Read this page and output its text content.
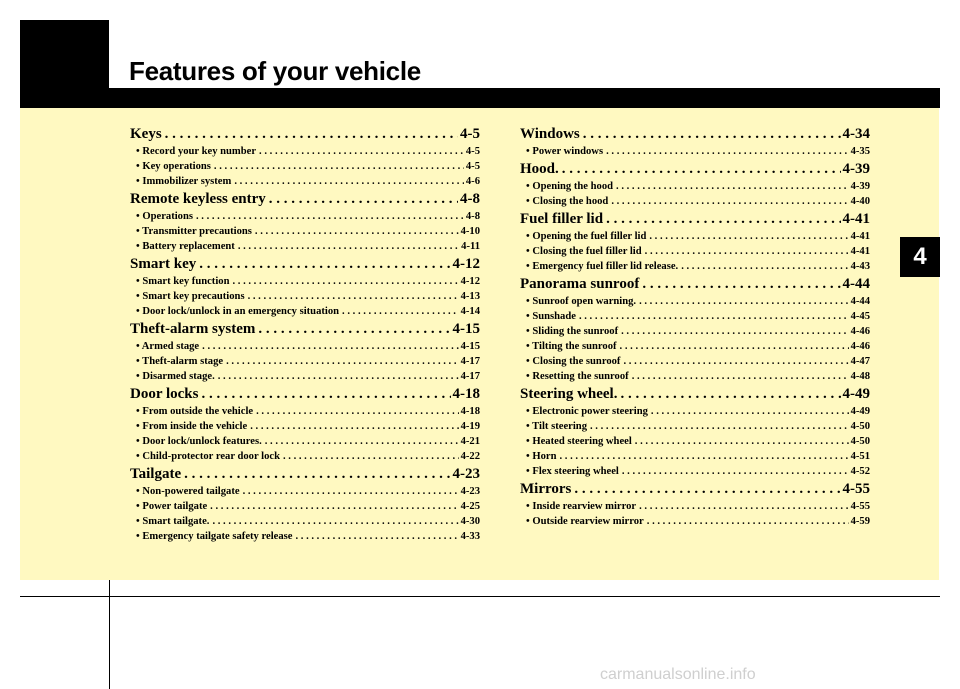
Features of your vehicle
4
Keys . . .	4-5
• Record your key number . . .	4-5
• Key operations . . .	4-5
• Immobilizer system . . .	4-6
Remote keyless entry . . .	4-8
• Operations . . .	4-8
• Transmitter precautions . . .	4-10
• Battery replacement . . .	4-11
Smart key . . .	4-12
• Smart key function . . .	4-12
• Smart key precautions . . .	4-13
• Door lock/unlock in an emergency situation . . .	4-14
Theft-alarm system . . .	4-15
• Armed stage . . .	4-15
• Theft-alarm stage . . .	4-17
• Disarmed stage. . . .	4-17
Door locks . . .	4-18
• From outside the vehicle . . .	4-18
• From inside the vehicle . . .	4-19
• Door lock/unlock features. . . .	4-21
• Child-protector rear door lock . . .	4-22
Tailgate . . .	4-23
• Non-powered tailgate . . .	4-23
• Power tailgate . . .	4-25
• Smart tailgate. . . .	4-30
• Emergency tailgate safety release . . .	4-33
Windows . . .	4-34
• Power windows . . .	4-35
Hood. . . .	4-39
• Opening the hood . . .	4-39
• Closing the hood . . .	4-40
Fuel filler lid . . .	4-41
• Opening the fuel filler lid . . .	4-41
• Closing the fuel filler lid . . .	4-41
• Emergency fuel filler lid release. . . .	4-43
Panorama sunroof . . .	4-44
• Sunroof open warning. . . .	4-44
• Sunshade . . .	4-45
• Sliding the sunroof . . .	4-46
• Tilting the sunroof . . .	4-46
• Closing the sunroof . . .	4-47
• Resetting the sunroof . . .	4-48
Steering wheel. . . .	4-49
• Electronic power steering . . .	4-49
• Tilt steering . . .	4-50
• Heated steering wheel . . .	4-50
• Horn . . .	4-51
• Flex steering wheel . . .	4-52
Mirrors . . .	4-55
• Inside rearview mirror . . .	4-55
• Outside rearview mirror . . .	4-59
carmanualsonline.info
